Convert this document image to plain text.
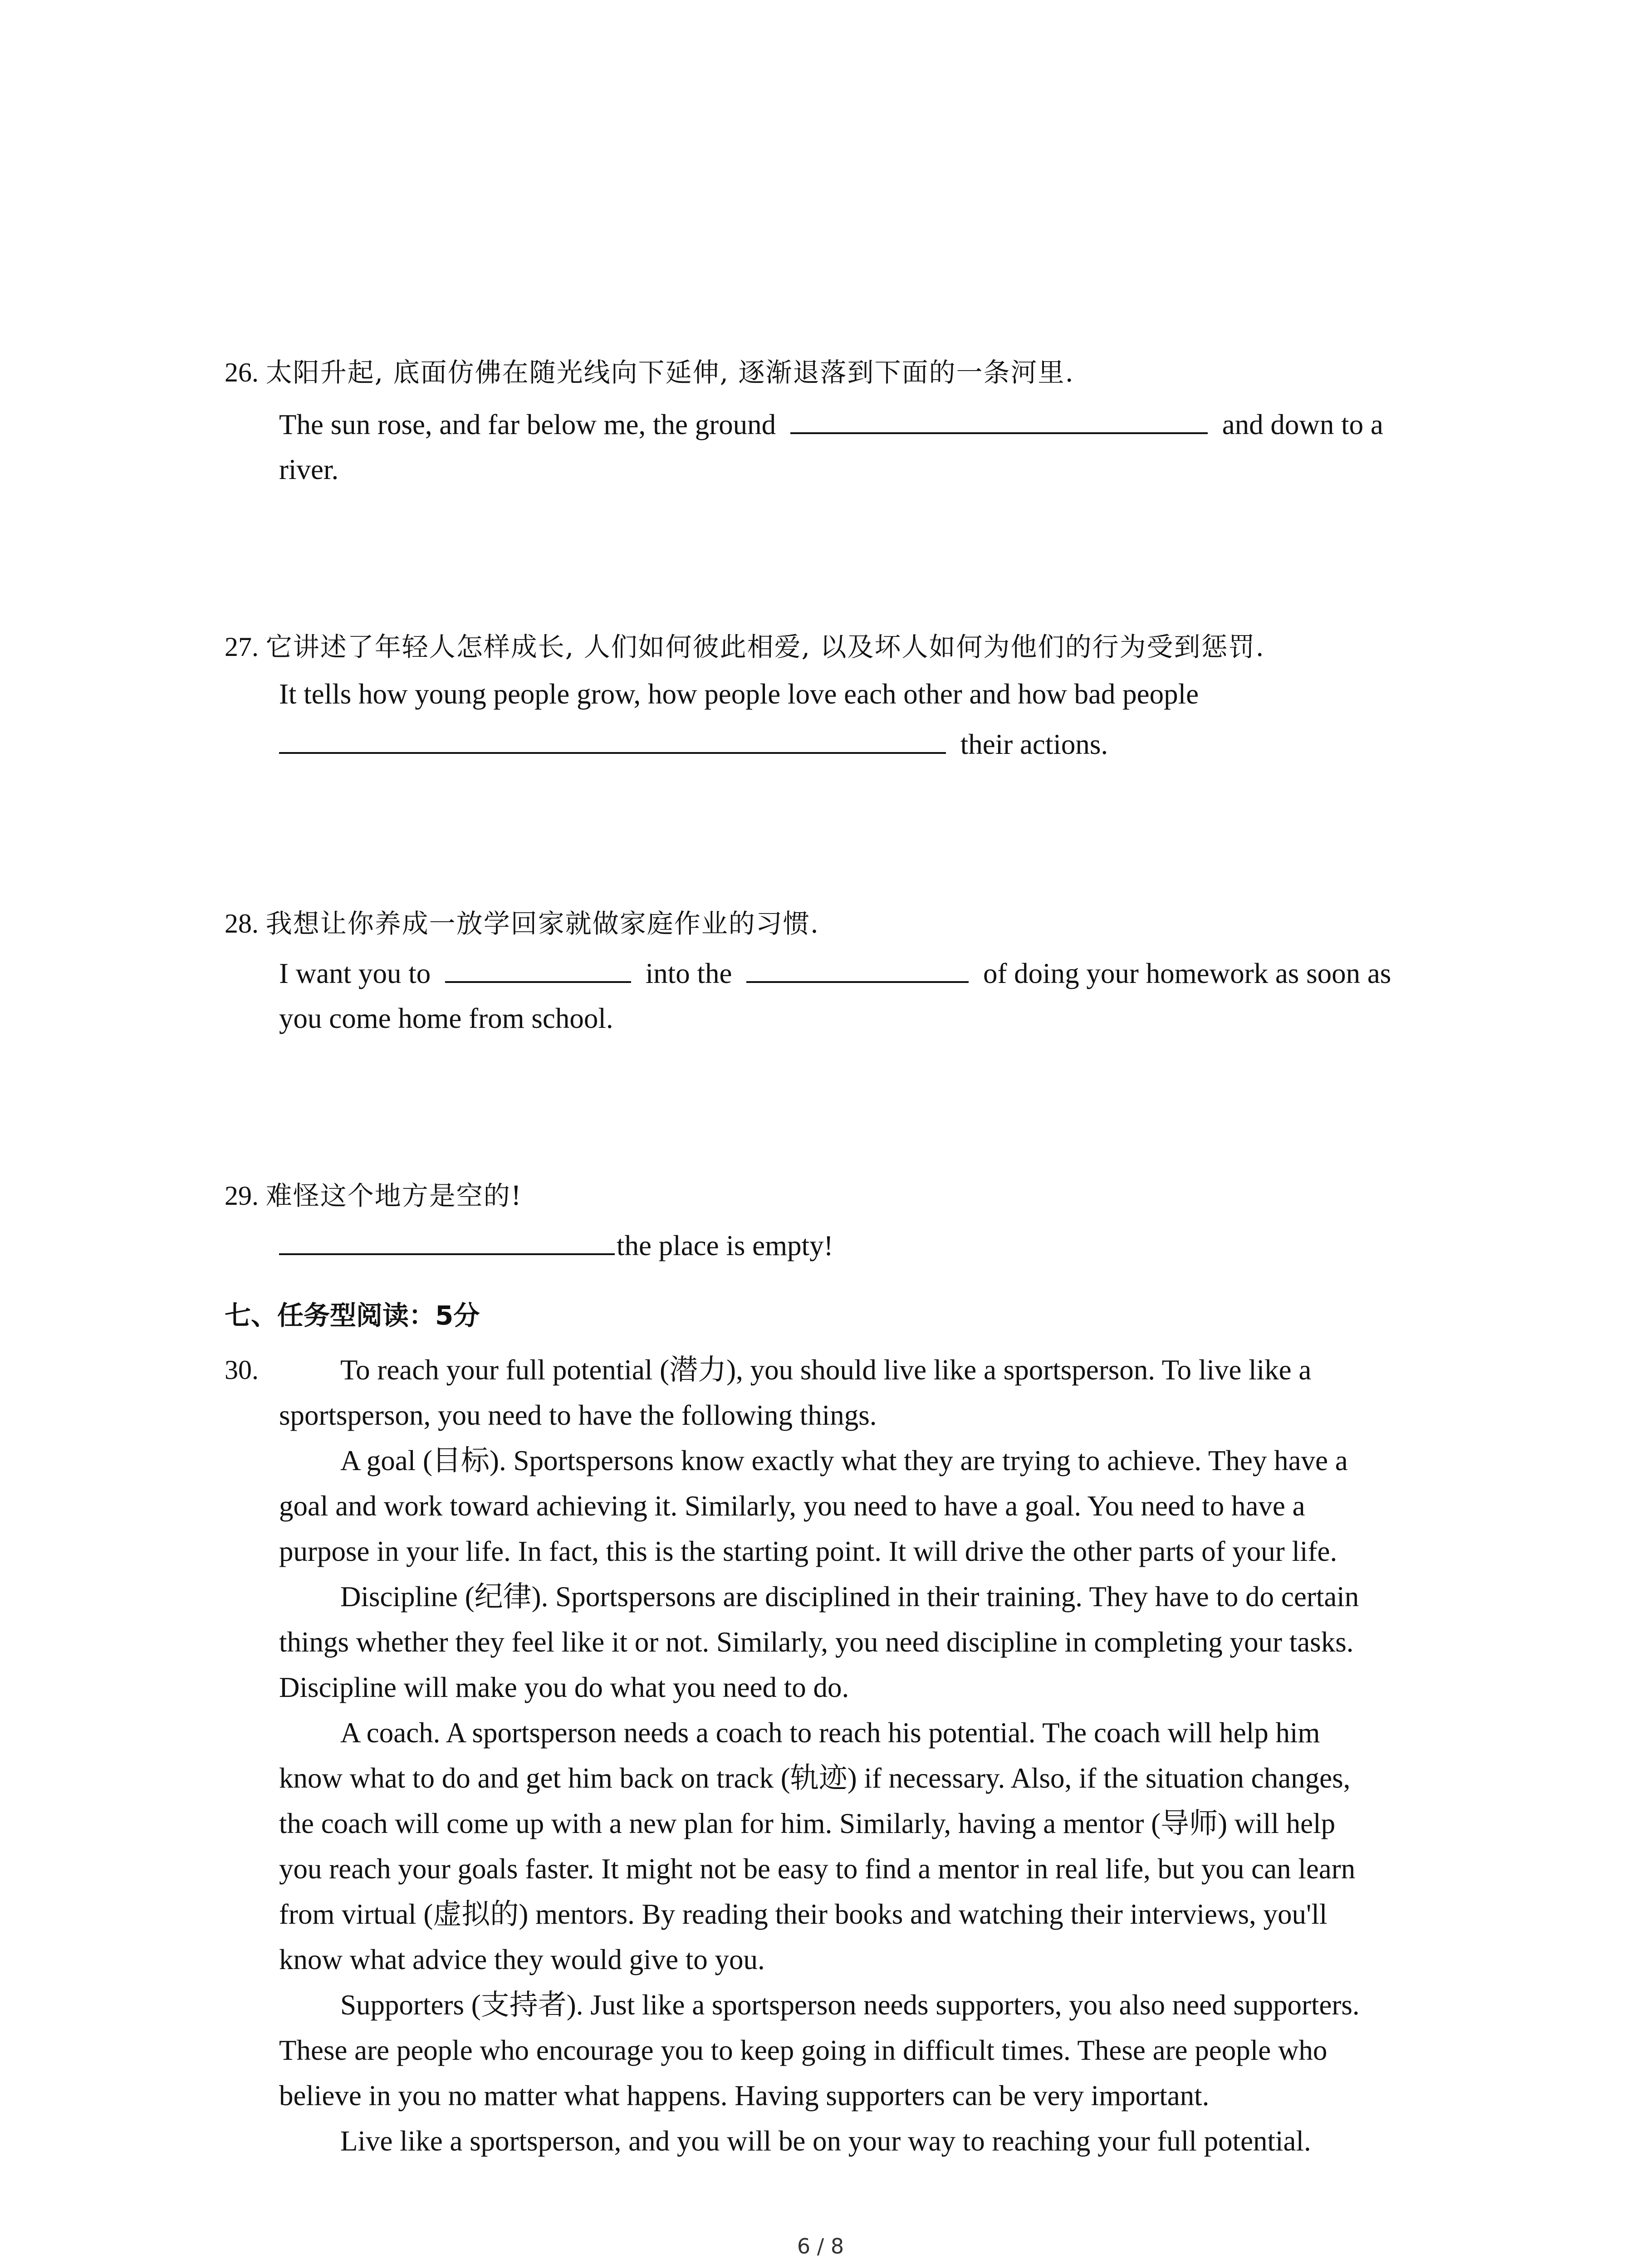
26. 太阳升起, 底面仿佛在随光线向下延伸, 逐渐退落到下面的一条河里.
The sun rose, and far below me, the ground	and down to a
river.
27. 它讲述了年轻人怎样成长, 人们如何彼此相爱, 以及坏人如何为他们的行为受到惩罚.
It tells how young people grow, how people love each other and how bad people
their actions.
28. 我想让你养成一放学回家就做家庭作业的习惯.
I want you to	into the	of doing your homework as soon as
you come home from school.
29. 难怪这个地方是空的!
the place is empty!
七、任务型阅读：5分
30.	To reach your full potential (潜力), you should live like a sportsperson. To live like a
sportsperson, you need to have the following things.
A goal (目标). Sportspersons know exactly what they are trying to achieve. They have a
goal and work toward achieving it. Similarly, you need to have a goal. You need to have a
purpose in your life. In fact, this is the starting point. It will drive the other parts of your life.
Discipline (纪律). Sportspersons are disciplined in their training. They have to do certain
things whether they feel like it or not. Similarly, you need discipline in completing your tasks.
Discipline will make you do what you need to do.
A coach. A sportsperson needs a coach to reach his potential. The coach will help him
know what to do and get him back on track (轨迹) if necessary. Also, if the situation changes,
the coach will come up with a new plan for him. Similarly, having a mentor (导师) will help
you reach your goals faster. It might not be easy to find a mentor in real life, but you can learn
from virtual (虚拟的) mentors. By reading their books and watching their interviews, you'll
know what advice they would give to you.
Supporters (支持者). Just like a sportsperson needs supporters, you also need supporters.
These are people who encourage you to keep going in difficult times. These are people who
believe in you no matter what happens. Having supporters can be very important.
Live like a sportsperson, and you will be on your way to reaching your full potential.
6 / 8
